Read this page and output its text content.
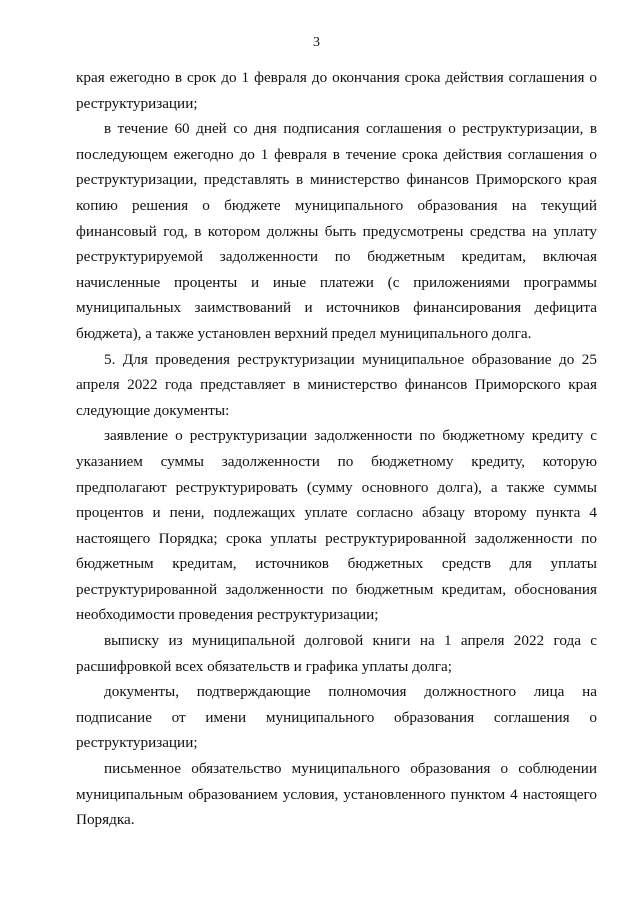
3

края ежегодно в срок до 1 февраля до окончания срока действия соглашения о реструктуризации;

в течение 60 дней со дня подписания соглашения о реструктуризации, в последующем ежегодно до 1 февраля в течение срока действия соглашения о реструктуризации, представлять в министерство финансов Приморского края копию решения о бюджете муниципального образования на текущий финансовый год, в котором должны быть предусмотрены средства на уплату реструктурируемой задолженности по бюджетным кредитам, включая начисленные проценты и иные платежи (с приложениями программы муниципальных заимствований и источников финансирования дефицита бюджета), а также установлен верхний предел муниципального долга.

5. Для проведения реструктуризации муниципальное образование до 25 апреля 2022 года представляет в министерство финансов Приморского края следующие документы:

заявление о реструктуризации задолженности по бюджетному кредиту с указанием суммы задолженности по бюджетному кредиту, которую предполагают реструктурировать (сумму основного долга), а также суммы процентов и пени, подлежащих уплате согласно абзацу второму пункта 4 настоящего Порядка; срока уплаты реструктурированной задолженности по бюджетным кредитам, источников бюджетных средств для уплаты реструктурированной задолженности по бюджетным кредитам, обоснования необходимости проведения реструктуризации;

выписку из муниципальной долговой книги на 1 апреля 2022 года с расшифровкой всех обязательств и графика уплаты долга;

документы, подтверждающие полномочия должностного лица на подписание от имени муниципального образования соглашения о реструктуризации;

письменное обязательство муниципального образования о соблюдении муниципальным образованием условия, установленного пунктом 4 настоящего Порядка.
